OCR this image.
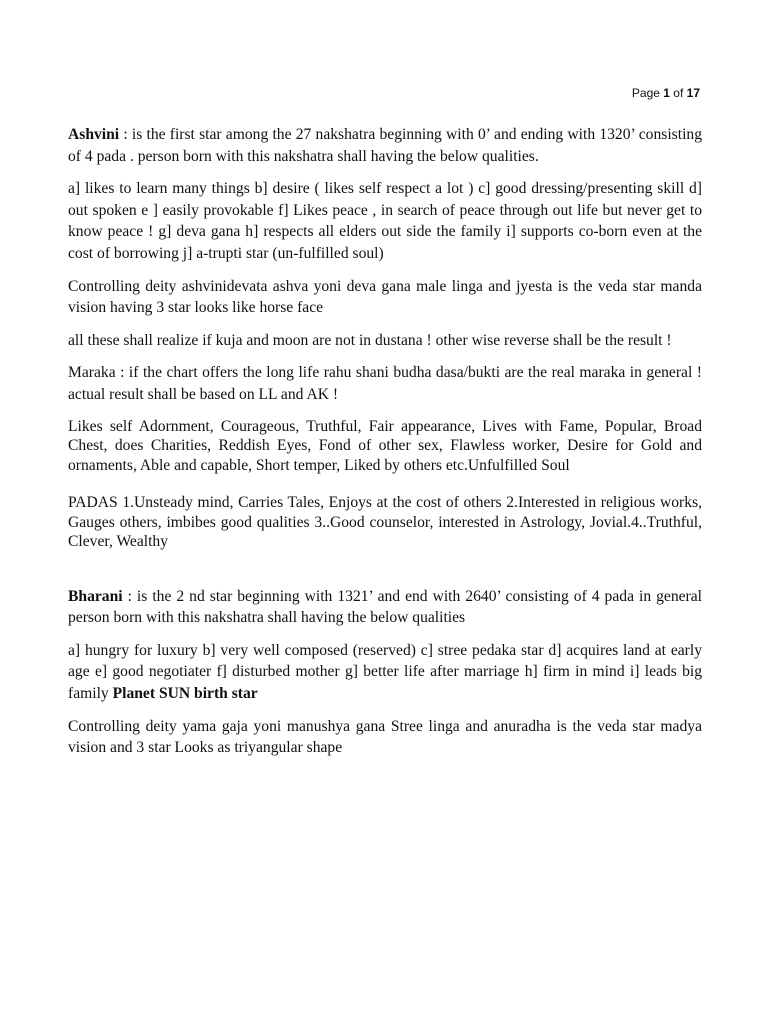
Page 1 of 17

Ashvini : is the first star among the 27 nakshatra beginning with 0’ and ending with 1320’ consisting of 4 pada . person born with this nakshatra shall having the below qualities.

a] likes to learn many things b] desire ( likes self respect a lot ) c] good dressing/presenting skill d] out spoken e ] easily provokable f] Likes peace , in search of peace through out life but never get to know peace ! g] deva gana h] respects all elders out side the family i] supports co-born even at the cost of borrowing j] a-trupti star (un-fulfilled soul)

Controlling deity ashvinidevata ashva yoni deva gana male linga and jyesta is the veda star manda vision having 3 star looks like horse face

all these shall realize if kuja and moon are not in dustana ! other wise reverse shall be the result !

Maraka : if the chart offers the long life rahu shani budha dasa/bukti are the real maraka in general ! actual result shall be based on LL and AK !

Likes self Adornment, Courageous, Truthful, Fair appearance, Lives with Fame, Popular, Broad Chest, does Charities, Reddish Eyes, Fond of other sex, Flawless worker, Desire for Gold and ornaments, Able and capable, Short temper, Liked by others etc.Unfulfilled Soul

PADAS 1.Unsteady mind, Carries Tales, Enjoys at the cost of others 2.Interested in religious works, Gauges others, imbibes good qualities 3..Good counselor, interested in Astrology, Jovial.4..Truthful, Clever, Wealthy

Bharani : is the 2 nd star beginning with 1321’ and end with 2640’ consisting of 4 pada in general person born with this nakshatra shall having the below qualities

a] hungry for luxury b] very well composed (reserved) c] stree pedaka star d] acquires land at early age e] good negotiater f] disturbed mother g] better life after marriage h] firm in mind i] leads big family Planet SUN birth star

Controlling deity yama gaja yoni manushya gana Stree linga and anuradha is the veda star madya vision and 3 star Looks as triyangular shape
